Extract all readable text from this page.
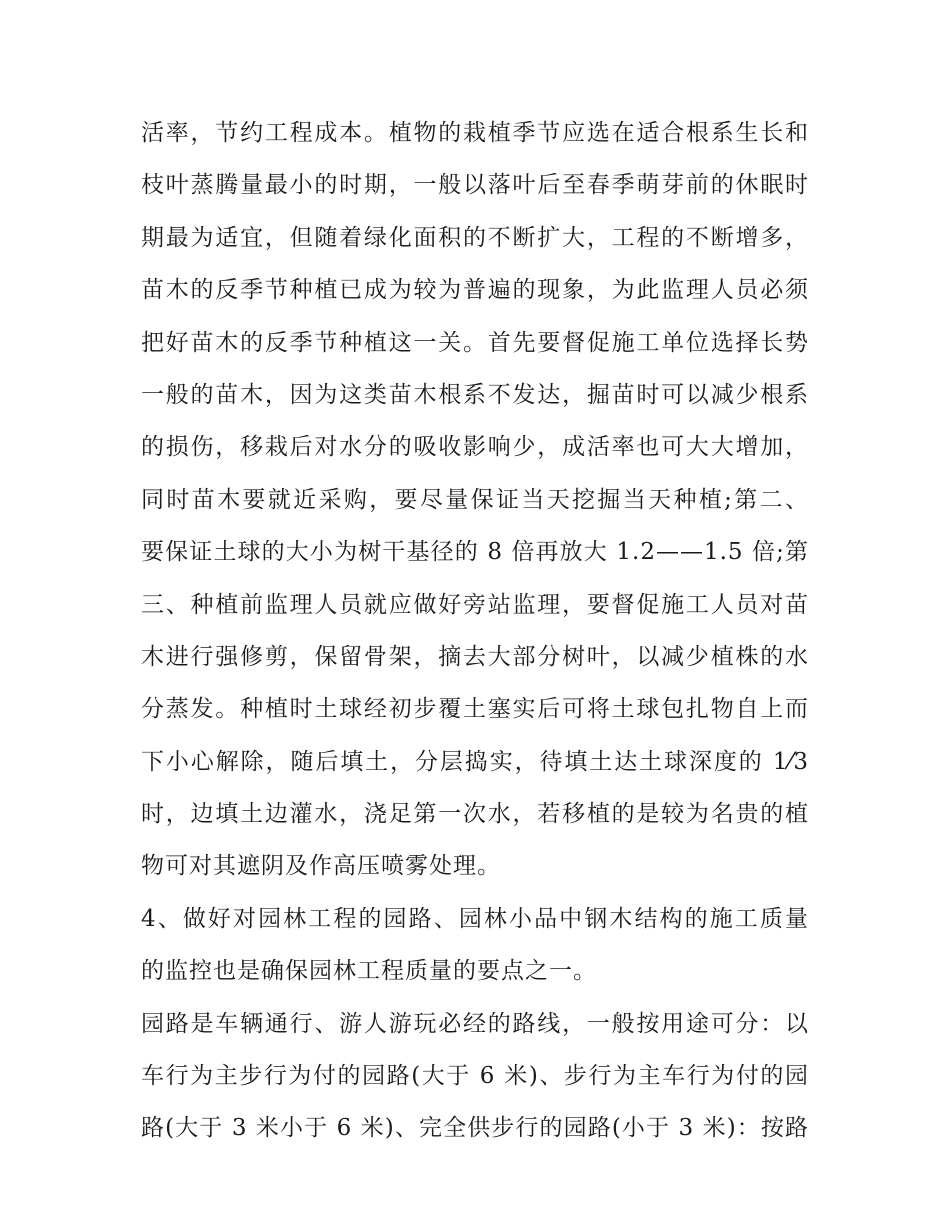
活率，节约工程成本。植物的栽植季节应选在适合根系生长和
枝叶蒸腾量最小的时期，一般以落叶后至春季萌芽前的休眠时
期最为适宜，但随着绿化面积的不断扩大，工程的不断增多，
苗木的反季节种植已成为较为普遍的现象，为此监理人员必须
把好苗木的反季节种植这一关。首先要督促施工单位选择长势
一般的苗木，因为这类苗木根系不发达，掘苗时可以减少根系
的损伤，移栽后对水分的吸收影响少，成活率也可大大增加，
同时苗木要就近采购，要尽量保证当天挖掘当天种植;第二、
要保证土球的大小为树干基径的 8 倍再放大 1.2——1.5 倍;第
三、种植前监理人员就应做好旁站监理，要督促施工人员对苗
木进行强修剪，保留骨架，摘去大部分树叶，以减少植株的水
分蒸发。种植时土球经初步覆土塞实后可将土球包扎物自上而
下小心解除，随后填土，分层捣实，待填土达土球深度的 1⁄3
时，边填土边灌水，浇足第一次水，若移植的是较为名贵的植
物可对其遮阴及作高压喷雾处理。
4、做好对园林工程的园路、园林小品中钢木结构的施工质量
的监控也是确保园林工程质量的要点之一。
园路是车辆通行、游人游玩必经的路线，一般按用途可分：以
车行为主步行为付的园路(大于 6 米)、步行为主车行为付的园
路(大于 3 米小于 6 米)、完全供步行的园路(小于 3 米)：按路
